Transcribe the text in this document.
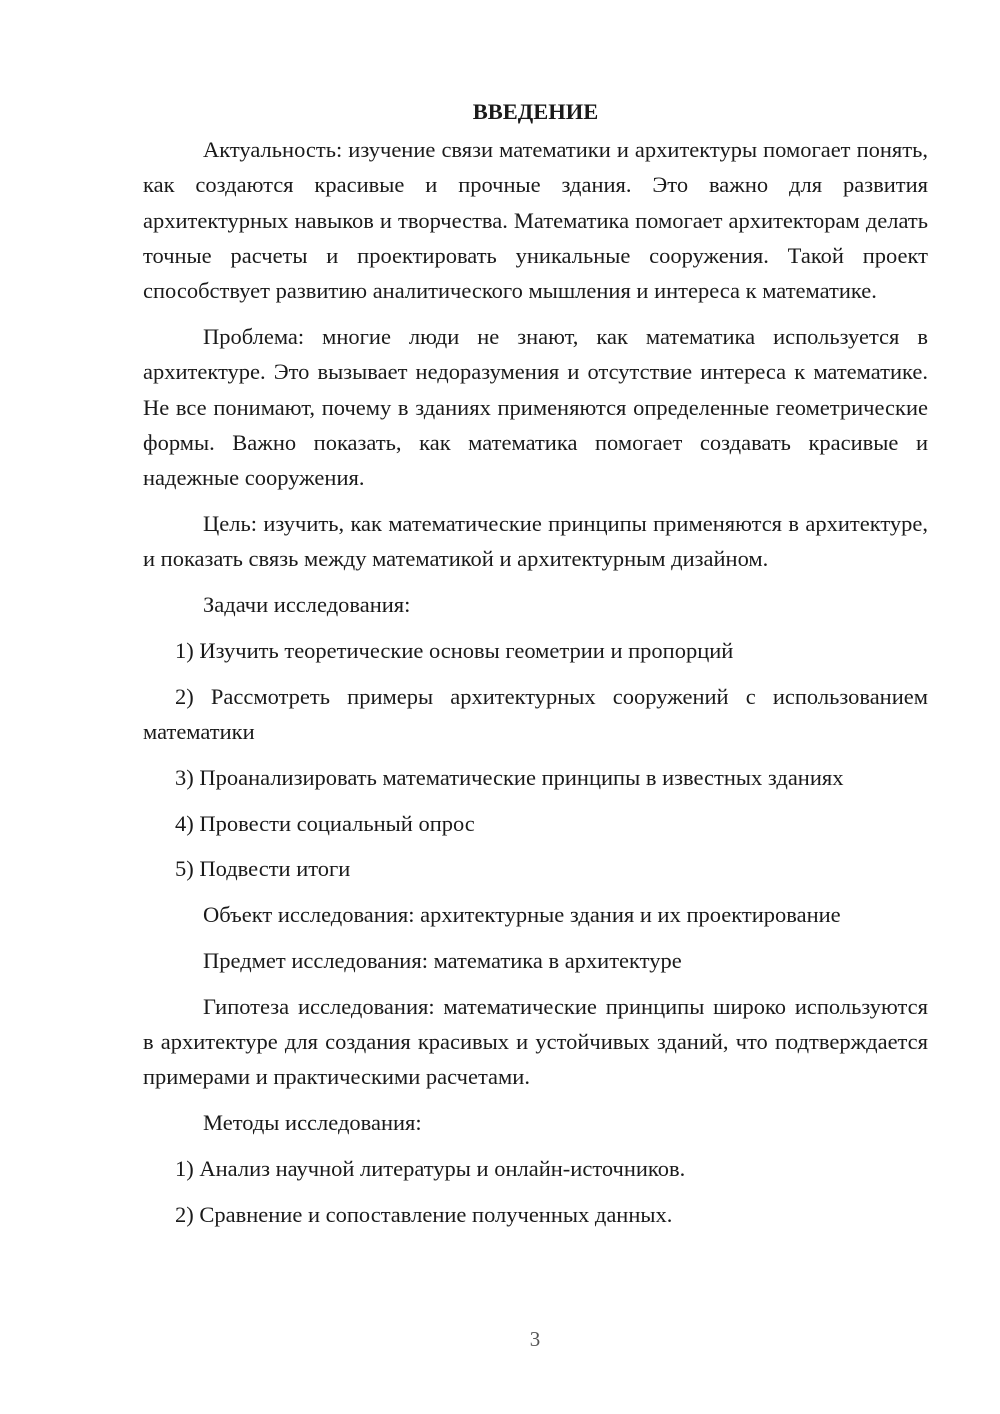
ВВЕДЕНИЕ

Актуальность: изучение связи математики и архитектуры помогает понять, как создаются красивые и прочные здания. Это важно для развития архитектурных навыков и творчества. Математика помогает архитекторам делать точные расчеты и проектировать уникальные сооружения. Такой проект способствует развитию аналитического мышления и интереса к математике.

Проблема: многие люди не знают, как математика используется в архитектуре. Это вызывает недоразумения и отсутствие интереса к математике. Не все понимают, почему в зданиях применяются определенные геометрические формы. Важно показать, как математика помогает создавать красивые и надежные сооружения.

Цель: изучить, как математические принципы применяются в архитектуре, и показать связь между математикой и архитектурным дизайном.

Задачи исследования:

1) Изучить теоретические основы геометрии и пропорций

2) Рассмотреть примеры архитектурных сооружений с использованием математики

3) Проанализировать математические принципы в известных зданиях

4) Провести социальный опрос

5) Подвести итоги

Объект исследования: архитектурные здания и их проектирование

Предмет исследования: математика в архитектуре

Гипотеза исследования: математические принципы широко используются в архитектуре для создания красивых и устойчивых зданий, что подтверждается примерами и практическими расчетами.

Методы исследования:

1) Анализ научной литературы и онлайн-источников.

2) Сравнение и сопоставление полученных данных.

3
